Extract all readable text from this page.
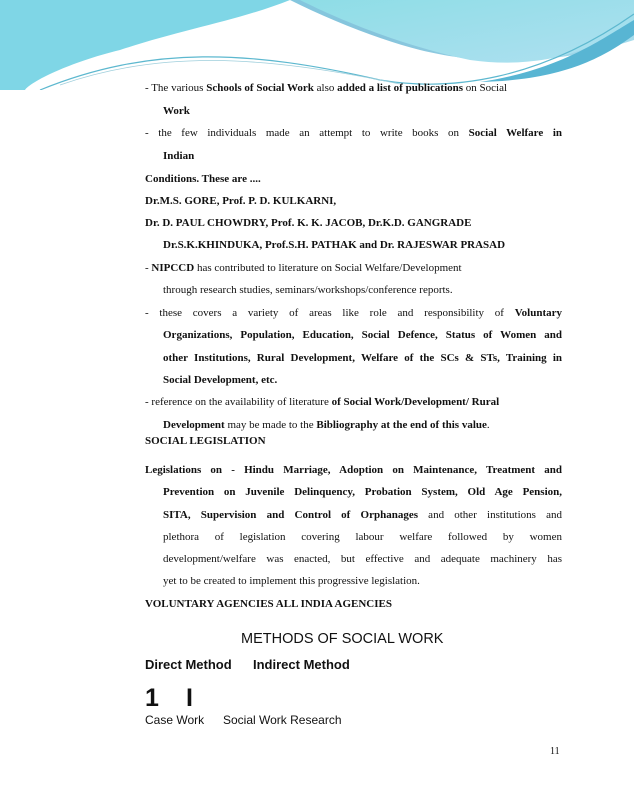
- The various Schools of Social Work also added a list of publications on Social
Work
- the few individuals made an attempt to write books on Social Welfare in
Indian
Conditions. These are ....
Dr.M.S. GORE, Prof. P. D. KULKARNI,
Dr. D. PAUL CHOWDRY, Prof. K. K. JACOB, Dr.K.D. GANGRADE
Dr.S.K.KHINDUKA, Prof.S.H. PATHAK and Dr. RAJESWAR PRASAD
- NIPCCD has contributed to literature on Social Welfare/Development
through research studies, seminars/workshops/conference reports.
- these covers a variety of areas like role and responsibility of Voluntary
Organizations, Population, Education, Social Defence, Status of Women and
other Institutions, Rural Development, Welfare of the SCs & STs, Training in
Social Development, etc.
- reference on the availability of literature of Social Work/Development/ Rural
Development may be made to the Bibliography at the end of this value.
SOCIAL LEGISLATION
Legislations on - Hindu Marriage, Adoption on Maintenance, Treatment and
Prevention on Juvenile Delinquency, Probation System, Old Age Pension,
SITA, Supervision and Control of Orphanages and other institutions and
plethora of legislation covering labour welfare followed by women
development/welfare was enacted, but effective and adequate machinery has
yet to be created to implement this progressive legislation.
VOLUNTARY AGENCIES ALL INDIA AGENCIES
METHODS OF SOCIAL WORK
Direct Method Indirect Method
1 I
Case Work Social Work Research
11
